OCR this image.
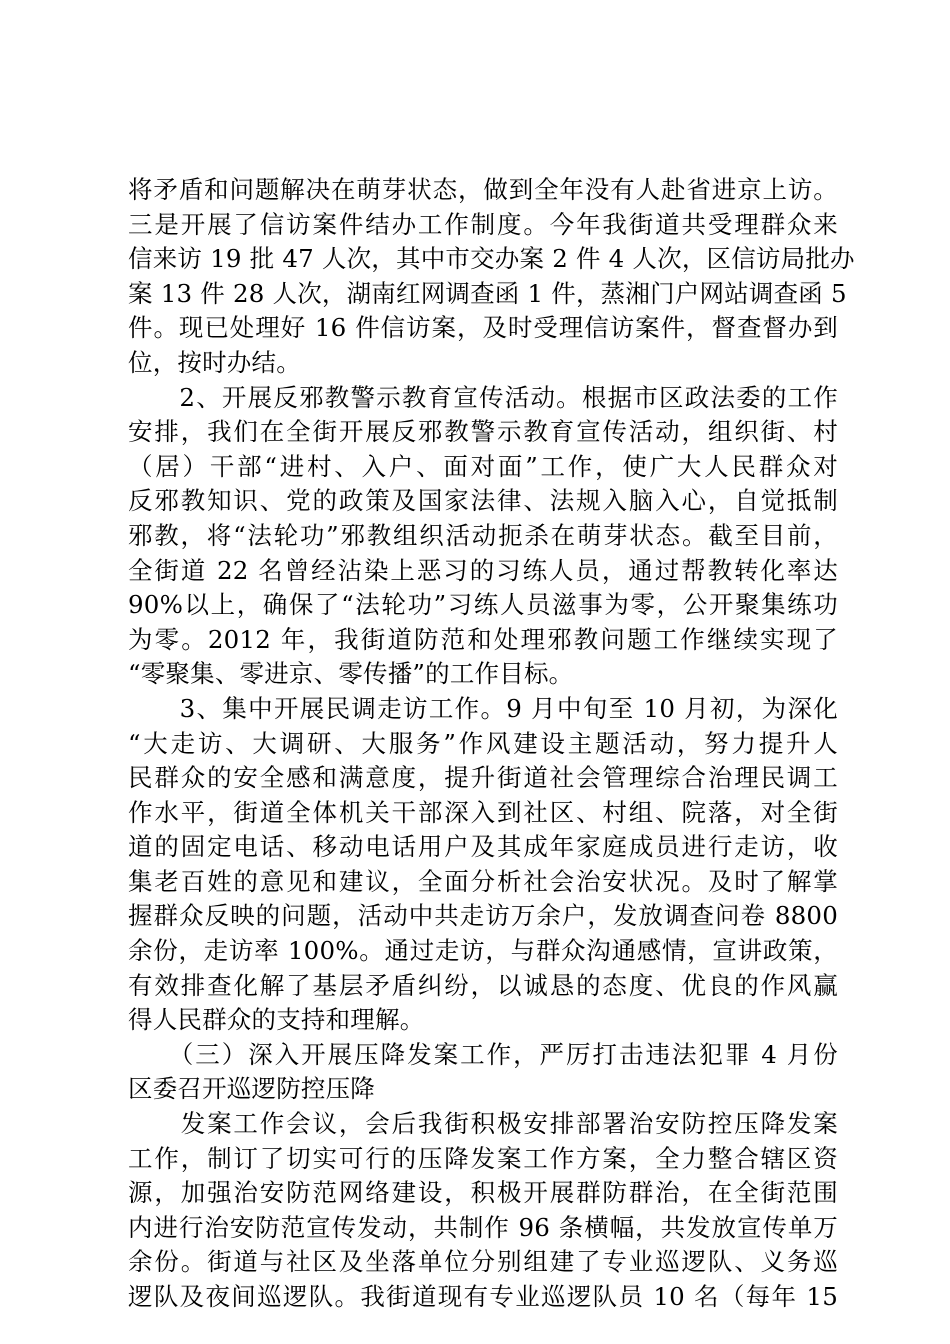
将矛盾和问题解决在萌芽状态，做到全年没有人赴省进京上访。
三是开展了信访案件结办工作制度。今年我街道共受理群众来
信来访 19 批 47 人次，其中市交办案 2 件 4 人次，区信访局批办
案 13 件 28 人次，湖南红网调查函 1 件，蒸湘门户网站调查函 5
件。现已处理好 16 件信访案，及时受理信访案件，督查督办到
位，按时办结。
　　2、开展反邪教警示教育宣传活动。根据市区政法委的工作
安排，我们在全街开展反邪教警示教育宣传活动，组织街、村
（居）干部“进村、入户、面对面”工作，使广大人民群众对
反邪教知识、党的政策及国家法律、法规入脑入心，自觉抵制
邪教，将“法轮功”邪教组织活动扼杀在萌芽状态。截至目前，
全街道 22 名曾经沾染上恶习的习练人员，通过帮教转化率达
90%以上，确保了“法轮功”习练人员滋事为零，公开聚集练功
为零。2012 年，我街道防范和处理邪教问题工作继续实现了
“零聚集、零进京、零传播”的工作目标。
　　3、集中开展民调走访工作。9 月中旬至 10 月初，为深化
“大走访、大调研、大服务”作风建设主题活动，努力提升人
民群众的安全感和满意度，提升街道社会管理综合治理民调工
作水平，街道全体机关干部深入到社区、村组、院落，对全街
道的固定电话、移动电话用户及其成年家庭成员进行走访，收
集老百姓的意见和建议，全面分析社会治安状况。及时了解掌
握群众反映的问题，活动中共走访万余户，发放调查问卷 8800
余份，走访率 100%。通过走访，与群众沟通感情，宣讲政策，
有效排查化解了基层矛盾纠纷，以诚恳的态度、优良的作风赢
得人民群众的支持和理解。
　　（三）深入开展压降发案工作，严厉打击违法犯罪 4 月份
区委召开巡逻防控压降
　　发案工作会议，会后我街积极安排部署治安防控压降发案
工作，制订了切实可行的压降发案工作方案，全力整合辖区资
源，加强治安防范网络建设，积极开展群防群治，在全街范围
内进行治安防范宣传发动，共制作 96 条横幅，共发放宣传单万
余份。街道与社区及坐落单位分别组建了专业巡逻队、义务巡
逻队及夜间巡逻队。我街道现有专业巡逻队员 10 名（每年 15
